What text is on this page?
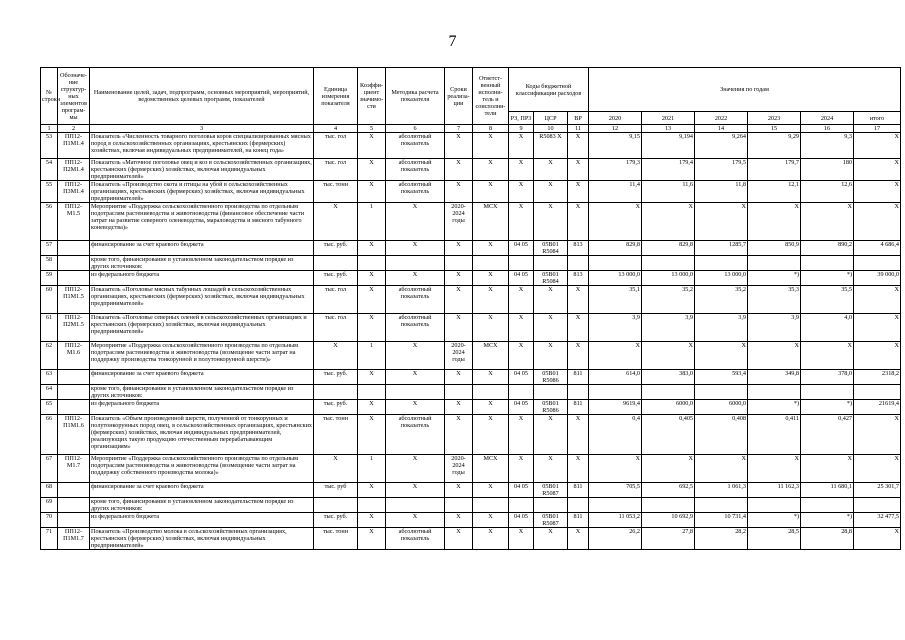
7
№ строки	Обозначе-ние структур-ных элементов програм-мы	Наименование целей, задач, подпрограмм, основных мероприятий, мероприятий, ведомственных целевых программ, показателей	Единица измерения показателя	Коэффи-циент значимо-сти	Методика расчета показателя	Сроки реализа-ции	Ответст-венный исполни-тель и соисполни-тели	Коды бюджетной классификации расходов			Значения по годам					
								РЗ, ПР3	ЦСР	ВР	2020	2021	2022	2023	2024	итого
1	2	3	4	5	6	7	8	9	10	11	12	13	14	15	16	17
53	ПП12-П1М1.4	Показатель «Численность товарного поголовья коров специализированных мясных пород в сельскохозяйственных организациях, крестьянских (фермерских) хозяйствах, включая индивидуальных предпринимателей, на конец года»	тыс. гол	X	абсолютный показатель	X	X	X	R5083 X	X	9,15	9,194	9,264	9,29	9,3	X
54	ПП12-П2М1.4	Показатель «Маточное поголовье овец и коз в сельскохозяйственных организациях, крестьянских (фермерских) хозяйствах, включая индивидуальных предпринимателей»	тыс. гол	X	абсолютный показатель	X	X	X	X	X	179,3	179,4	179,5	179,7	180	X
55	ПП12-П3М1.4	Показатель «Производство скота и птицы на убой в сельскохозяйственных организациях, крестьянских (фермерских) хозяйствах, включая индивидуальных предпринимателей»	тыс. тонн	X	абсолютный показатель	X	X	X	X	X	11,4	11,6	11,8	12,1	12,6	X
56	ПП12-М1.5	Мероприятие «Поддержка сельскохозяйственного производства по отдельным подотраслям растениеводства и животноводства (финансовое обеспечение части затрат на развитие северного оленеводства, мараловодства и мясного табунного коневодства)»	X	1	X	2020-2024 годы	МСХ	X	X	X	X	X	X	X	X	X
57		финансирование за счет краевого бюджета	тыс. руб.	X	X	X	X	04 05	05В01 R5084	813	829,8	829,8	1285,7	850,9	890,2	4 686,4
58		кроме того, финансирование в установленном законодательством порядке из других источников:														
59		из федерального бюджета	тыс. руб.	X	X	X	X	04 05	05В01 R5084	813	13 000,0	13 000,0	13 000,0	*)	*)	39 000,0
60	ПП12-П1М1.5	Показатель «Поголовье мясных табунных лошадей в сельскохозяйственных организациях, крестьянских (фермерских) хозяйствах, включая индивидуальных предпринимателей»	тыс. гол	X	абсолютный показатель	X	X	X	X	X	35,1	35,2	35,2	35,3	35,5	X
61	ПП12-П2М1.5	Показатель «Поголовье северных оленей в сельскохозяйственных организациях и крестьянских (фермерских) хозяйствах, включая индивидуальных предпринимателей»	тыс. гол	X	абсолютный показатель	X	X	X	X	X	3,9	3,9	3,9	3,9	4,0	X
62	ПП12-М1.6	Мероприятие «Поддержка сельскохозяйственного производства по отдельным подотраслям растениеводства и животноводства (возмещение части затрат на поддержку производства тонкорунной и полутонкорунной шерсти)»	X	1	X	2020-2024 годы	МСХ	X	X	X	X	X	X	X	X	X
63		финансирование за счет краевого бюджета	тыс. руб.	X	X	X	X	04 05	05В01 R5086	811	614,0	383,0	593,4	349,8	378,0	2318,2
64		кроме того, финансирование в установленном законодательством порядке из других источников:														
65		из федерального бюджета	тыс. руб.	X	X	X	X	04 05	05В01 R5086	811	9619,4	6000,0	6000,0	*)	*)	21619,4
66	ПП12-П1М1.6	Показатель «Объем произведенной шерсти, полученной от тонкорунных и полутонкорунных пород овец, в сельскохозяйственных организациях, крестьянских (фермерских) хозяйствах, включая индивидуальных предпринимателей, реализующих такую продукцию отечественным перерабатывающим организациям»	тыс. тонн	X	абсолютный показатель	X	X	X	X	X	0,4	0,405	0,408	0,411	0,427	X
67	ПП12-М1.7	Мероприятие «Поддержка сельскохозяйственного производства по отдельным подотраслям растениеводства и животноводства (возмещение части затрат на поддержку собственного производства молока)»	X	1	X	2020-2024 годы	МСХ	X	X	X	X	X	X	X	X	X
68		финансирование за счет краевого бюджета	тыс. руб	X	X	X	X	04 05	05В01 R5087	811	705,5	692,5	1 061,3	11 162,3	11 680,1	25 301,7
69		кроме того, финансирование в установленном законодательством порядке из других источников:														
70		из федерального бюджета	тыс. руб.	X	X	X	X	04 05	05В01 R5087	811	11 053,2	10 692,9	10 731,4	*)	*)	32 477,5
71	ПП12-П1М1.7	Показатель «Производство молока в сельскохозяйственных организациях, крестьянских (фермерских) хозяйствах, включая индивидуальных предпринимателей»	тыс. тонн	X	абсолютный показатель	X	X	X	X	X	26,2	27,8	28,2	28,5	28,8	X
